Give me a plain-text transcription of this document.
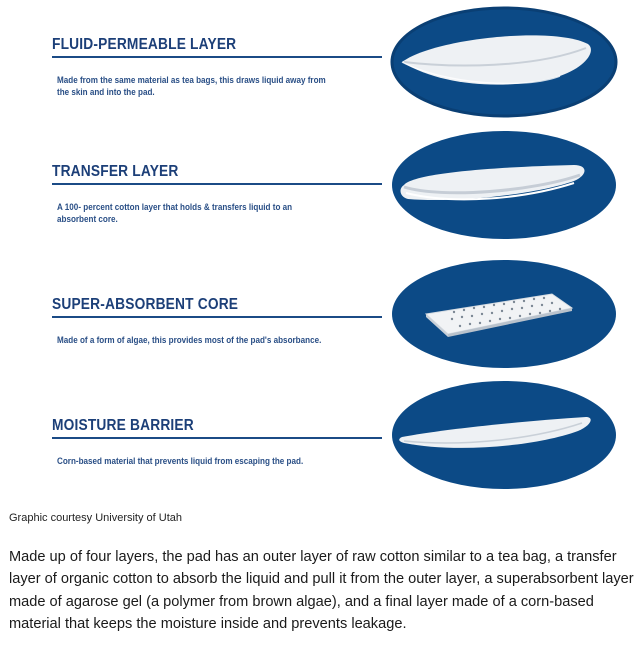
FLUID-PERMEABLE LAYER

Made from the same material as tea bags, this draws liquid away from the skin and into the pad.

TRANSFER LAYER

A 100- percent cotton layer that holds & transfers liquid to an absorbent core.

SUPER-ABSORBENT CORE

Made of a form of algae, this provides most of the pad's absorbance.

MOISTURE BARRIER

Corn-based material that prevents liquid from escaping the pad.

Graphic courtesy University of Utah

Made up of four layers, the pad has an outer layer of raw cotton similar to a tea bag, a transfer layer of organic cotton to absorb the liquid and pull it from the outer layer, a superabsorbent layer made of agarose gel (a polymer from brown algae), and a final layer made of a corn-based material that keeps the moisture inside and prevents leakage.
